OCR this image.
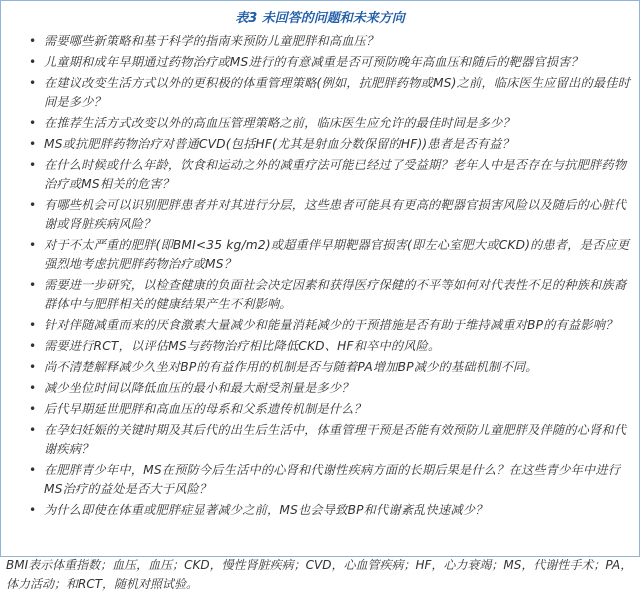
表3 未回答的问题和未来方向
• 需要哪些新策略和基于科学的指南来预防儿童肥胖和高血压？
• 儿童期和成年早期通过药物治疗或MS进行的有意减重是否可预防晚年高血压和随后的靶器官损害？
• 在建议改变生活方式以外的更积极的体重管理策略(例如，抗肥胖药物或MS)之前，临床医生应留出的最佳时间是多少？
• 在推荐生活方式改变以外的高血压管理策略之前，临床医生应允许的最佳时间是多少？
• MS或抗肥胖药物治疗对普通CVD(包括HF(尤其是射血分数保留的HF))患者是否有益？
• 在什么时候或什么年龄，饮食和运动之外的减重疗法可能已经过了受益期？老年人中是否存在与抗肥胖药物治疗或MS相关的危害？
• 有哪些机会可以识别肥胖患者并对其进行分层，这些患者可能具有更高的靶器官损害风险以及随后的心脏代谢或肾脏疾病风险？
• 对于不太严重的肥胖(即BMI<35 kg/m2)或超重伴早期靶器官损害(即左心室肥大或CKD)的患者，是否应更强烈地考虑抗肥胖药物治疗或MS？
• 需要进一步研究，以检查健康的负面社会决定因素和获得医疗保健的不平等如何对代表性不足的种族和族裔群体中与肥胖相关的健康结果产生不利影响。
• 针对伴随减重而来的厌食激素大量减少和能量消耗减少的干预措施是否有助于维持减重对BP的有益影响？
• 需要进行RCT，以评估MS与药物治疗相比降低CKD、HF和卒中的风险。
• 尚不清楚解释减少久坐对BP的有益作用的机制是否与随着PA增加BP减少的基础机制不同。
• 减少坐位时间以降低血压的最小和最大耐受剂量是多少？
• 后代早期延世肥胖和高血压的母系和父系遗传机制是什么？
• 在孕妇妊娠的关键时期及其后代的出生后生活中，体重管理干预是否能有效预防儿童肥胖及伴随的心肾和代谢疾病？
• 在肥胖青少年中，MS在预防今后生活中的心肾和代谢性疾病方面的长期后果是什么？在这些青少年中进行MS治疗的益处是否大于风险？
• 为什么即使在体重或肥胖症显著减少之前，MS也会导致BP和代谢紊乱快速减少？
BMI表示体重指数；血压，血压；CKD，慢性肾脏疾病；CVD，心血管疾病；HF，心力衰竭；MS，代谢性手术；PA，体力活动；和RCT，随机对照试验。
